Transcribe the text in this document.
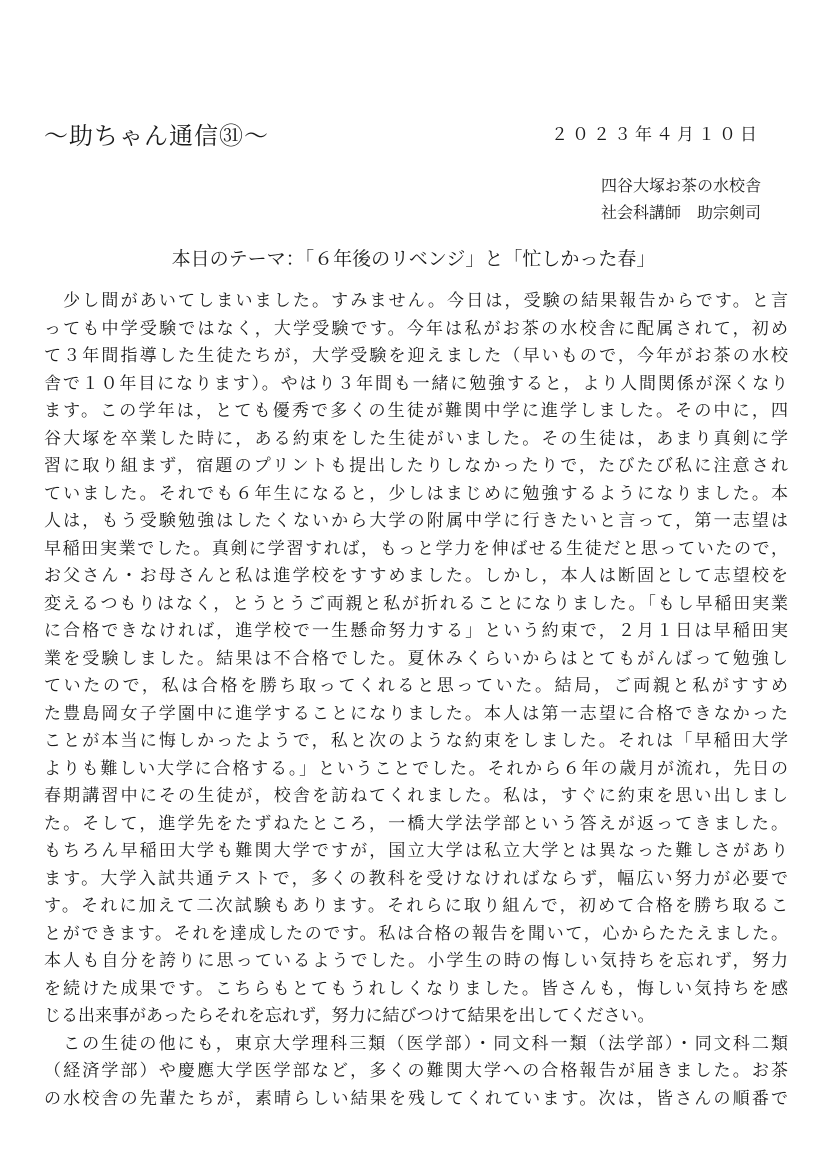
〜助ちゃん通信㉛〜	２０２３年４月１０日
四谷大塚お茶の水校舎
社会科講師　助宗剣司
本日のテーマ：「６年後のリベンジ」と「忙しかった春」
　少し間があいてしまいました。すみません。今日は，受験の結果報告からです。と言
っても中学受験ではなく，大学受験です。今年は私がお茶の水校舎に配属されて，初め
て３年間指導した生徒たちが，大学受験を迎えました（早いもので，今年がお茶の水校
舎で１０年目になります）。やはり３年間も一緒に勉強すると，より人間関係が深くなり
ます。この学年は，とても優秀で多くの生徒が難関中学に進学しました。その中に，四
谷大塚を卒業した時に，ある約束をした生徒がいました。その生徒は，あまり真剣に学
習に取り組まず，宿題のプリントも提出したりしなかったりで，たびたび私に注意され
ていました。それでも６年生になると，少しはまじめに勉強するようになりました。本
人は，もう受験勉強はしたくないから大学の附属中学に行きたいと言って，第一志望は
早稲田実業でした。真剣に学習すれば，もっと学力を伸ばせる生徒だと思っていたので，
お父さん・お母さんと私は進学校をすすめました。しかし，本人は断固として志望校を
変えるつもりはなく，とうとうご両親と私が折れることになりました。「もし早稲田実業
に合格できなければ，進学校で一生懸命努力する」という約束で，２月１日は早稲田実
業を受験しました。結果は不合格でした。夏休みくらいからはとてもがんばって勉強し
ていたので，私は合格を勝ち取ってくれると思っていた。結局，ご両親と私がすすめ
た豊島岡女子学園中に進学することになりました。本人は第一志望に合格できなかった
ことが本当に悔しかったようで，私と次のような約束をしました。それは「早稲田大学
よりも難しい大学に合格する。」ということでした。それから６年の歳月が流れ，先日の
春期講習中にその生徒が，校舎を訪ねてくれました。私は，すぐに約束を思い出しまし
た。そして，進学先をたずねたところ，一橋大学法学部という答えが返ってきました。
もちろん早稲田大学も難関大学ですが，国立大学は私立大学とは異なった難しさがあり
ます。大学入試共通テストで，多くの教科を受けなければならず，幅広い努力が必要で
す。それに加えて二次試験もあります。それらに取り組んで，初めて合格を勝ち取るこ
とができます。それを達成したのです。私は合格の報告を聞いて，心からたたえました。
本人も自分を誇りに思っているようでした。小学生の時の悔しい気持ちを忘れず，努力
を続けた成果です。こちらもとてもうれしくなりました。皆さんも，悔しい気持ちを感
じる出来事があったらそれを忘れず，努力に結びつけて結果を出してください。
　この生徒の他にも，東京大学理科三類（医学部）・同文科一類（法学部）・同文科二類
（経済学部）や慶應大学医学部など，多くの難関大学への合格報告が届きました。お茶
の水校舎の先輩たちが，素晴らしい結果を残してくれています。次は，皆さんの順番で
